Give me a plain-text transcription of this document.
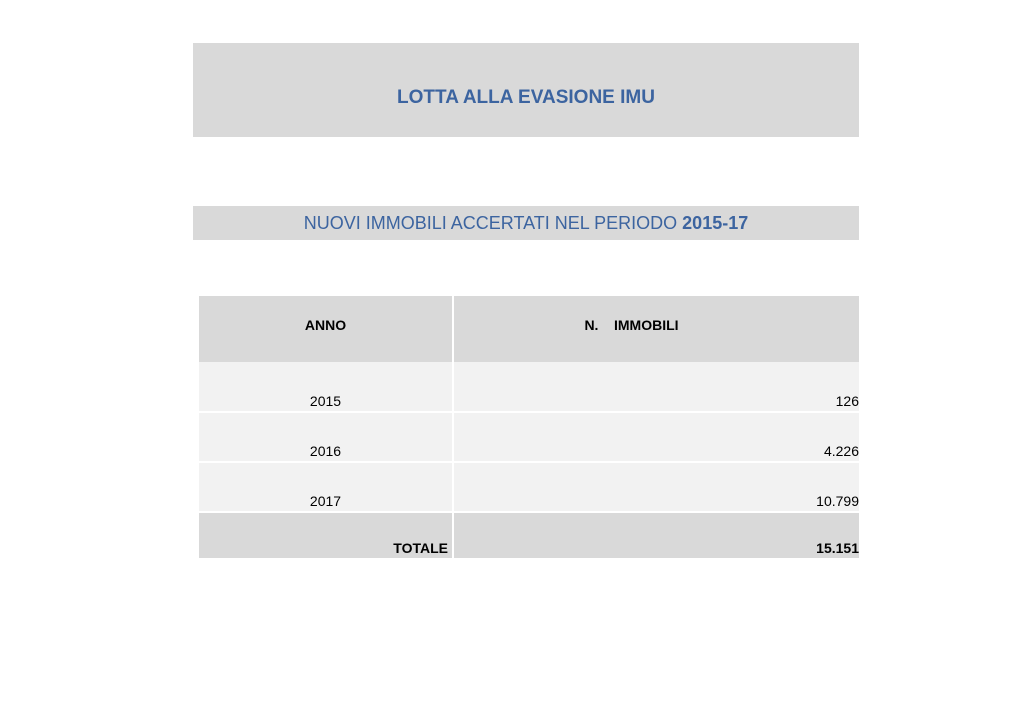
LOTTA ALLA EVASIONE IMU
NUOVI IMMOBILI ACCERTATI NEL PERIODO 2015-17
ANNO	N.    IMMOBILI
2015	126
2016	4.226
2017	10.799
TOTALE	15.151
